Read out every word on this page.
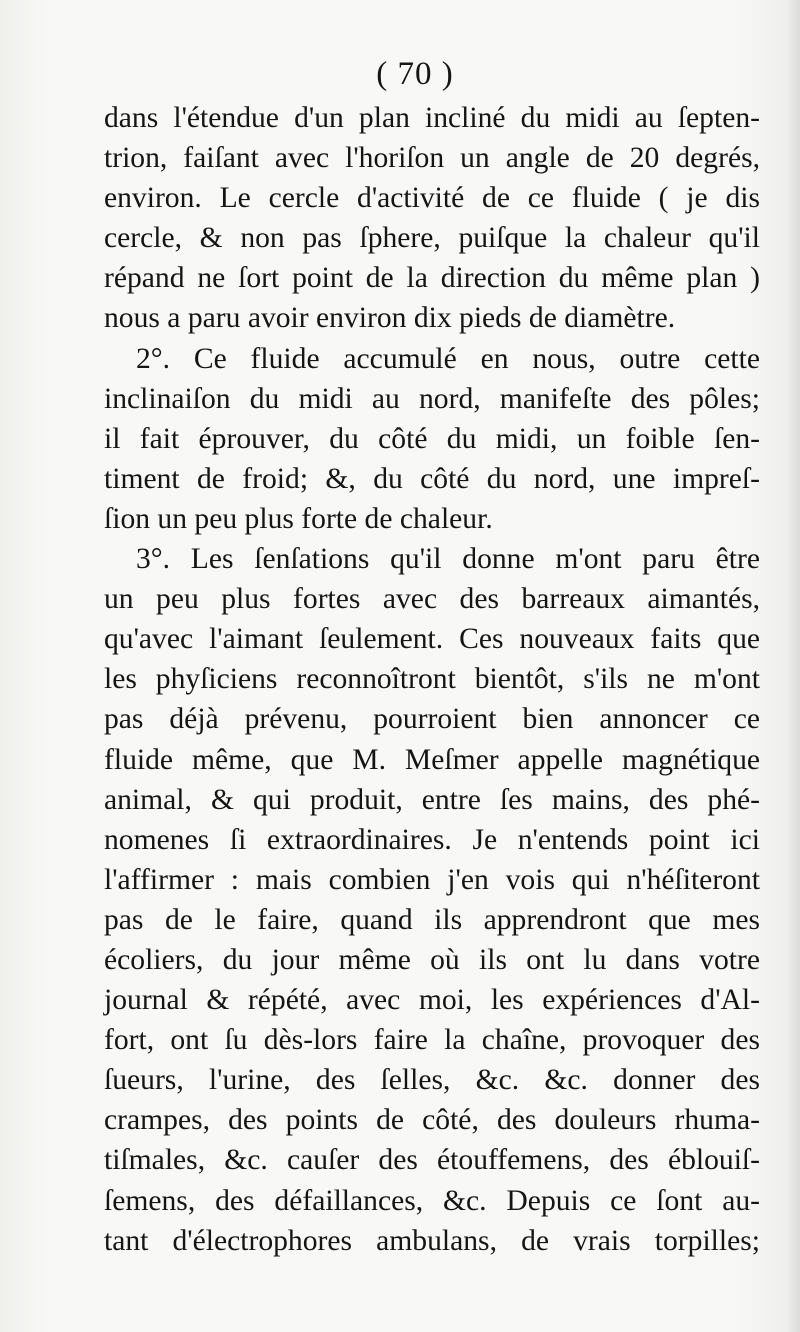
( 70 )
dans l'étendue d'un plan incliné du midi au ſepten-
trion, faiſant avec l'horiſon un angle de 20 degrés,
environ. Le cercle d'activité de ce fluide ( je dis
cercle, & non pas ſphere, puiſque la chaleur qu'il
répand ne ſort point de la direction du même plan )
nous a paru avoir environ dix pieds de diamètre.
2°. Ce fluide accumulé en nous, outre cette
inclinaiſon du midi au nord, manifeſte des pôles;
il fait éprouver, du côté du midi, un foible ſen-
timent de froid; &, du côté du nord, une impreſ-
ſion un peu plus forte de chaleur.
3°. Les ſenſations qu'il donne m'ont paru être
un peu plus fortes avec des barreaux aimantés,
qu'avec l'aimant ſeulement. Ces nouveaux faits que
les phyſiciens reconnoîtront bientôt, s'ils ne m'ont
pas déjà prévenu, pourroient bien annoncer ce
fluide même, que M. Meſmer appelle magnétique
animal, & qui produit, entre ſes mains, des phé-
nomenes ſi extraordinaires. Je n'entends point ici
l'affirmer : mais combien j'en vois qui n'héſiteront
pas de le faire, quand ils apprendront que mes
écoliers, du jour même où ils ont lu dans votre
journal & répété, avec moi, les expériences d'Al-
fort, ont ſu dès-lors faire la chaîne, provoquer des
ſueurs, l'urine, des ſelles, &c. &c. donner des
crampes, des points de côté, des douleurs rhuma-
tiſmales, &c. cauſer des étouffemens, des éblouiſ-
ſemens, des défaillances, &c. Depuis ce ſont au-
tant d'électrophores ambulans, de vrais torpilles;
